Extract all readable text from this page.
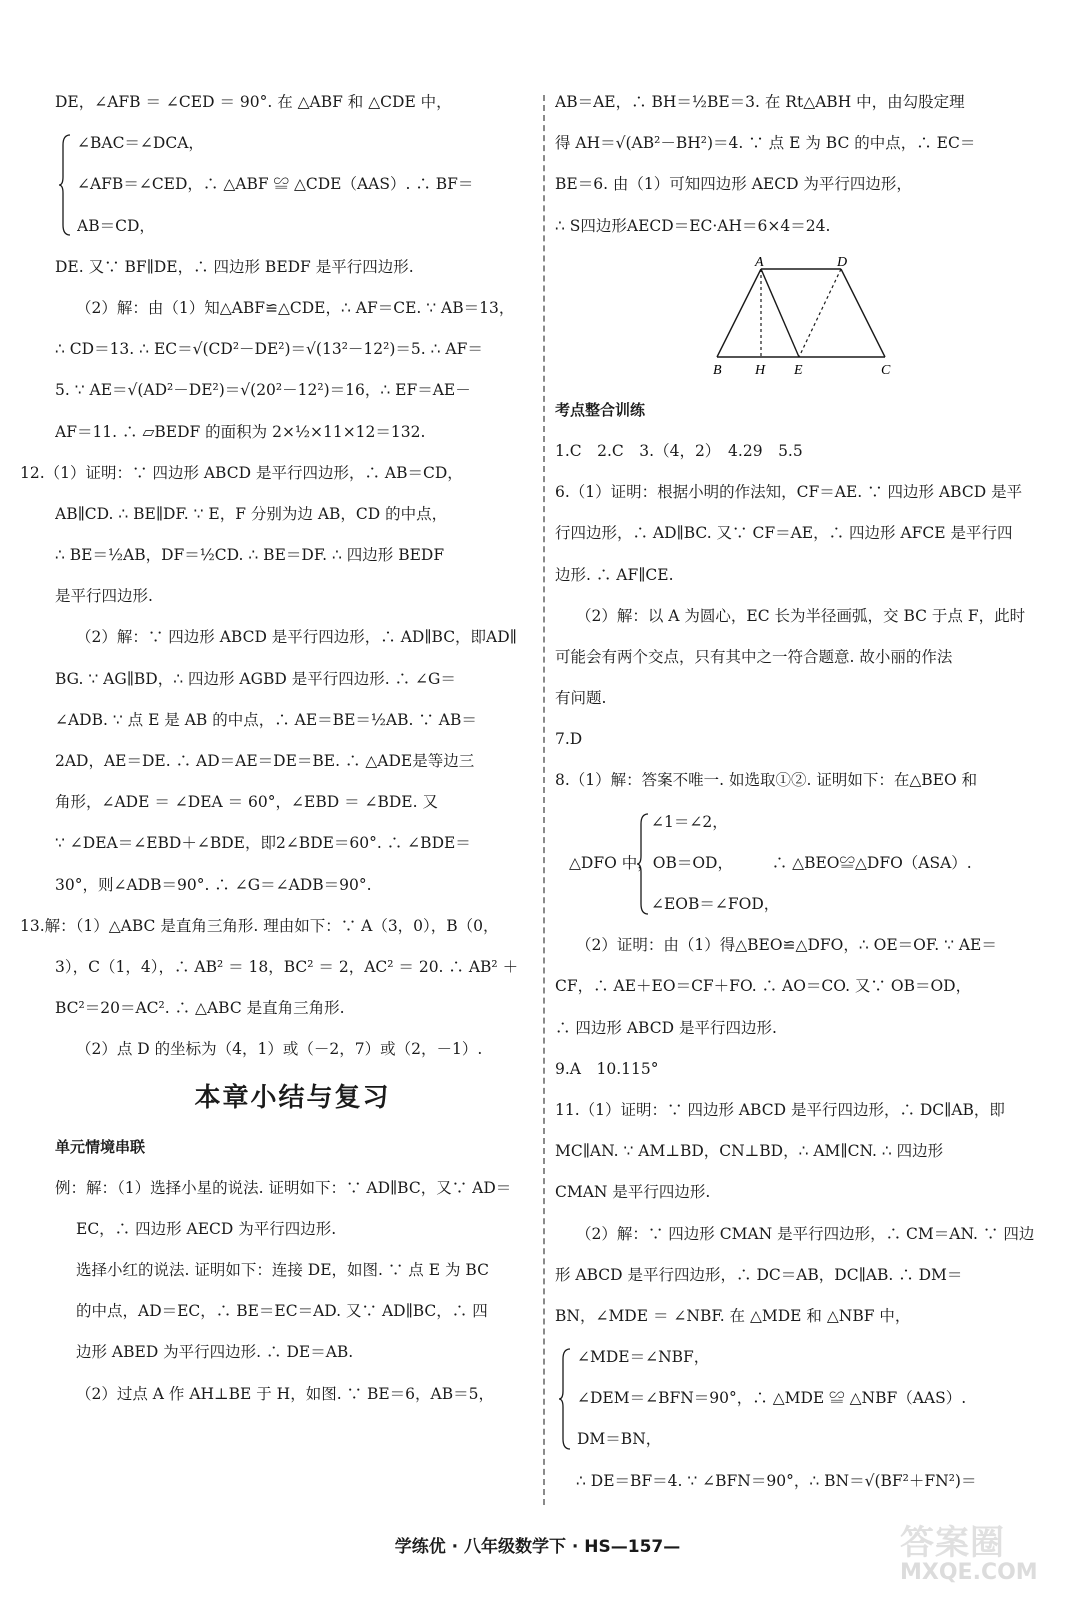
DE，∠AFB ＝ ∠CED ＝ 90°. 在 △ABF 和 △CDE 中，
∠BAC＝∠DCA，
∠AFB＝∠CED，∴ △ABF ≌ △CDE（AAS）. ∴ BF＝
AB＝CD，
DE. 又∵ BF∥DE，∴ 四边形 BEDF 是平行四边形.
（2）解：由（1）知△ABF≌△CDE，∴ AF＝CE. ∵ AB＝13，
∴ CD＝13. ∴ EC＝√(CD²－DE²)＝√(13²－12²)＝5. ∴ AF＝
5. ∵ AE＝√(AD²－DE²)＝√(20²－12²)＝16，∴ EF＝AE－
AF＝11. ∴ ▱BEDF 的面积为 2×½×11×12＝132.
12.（1）证明：∵ 四边形 ABCD 是平行四边形，∴ AB＝CD，
AB∥CD. ∴ BE∥DF. ∵ E，F 分别为边 AB，CD 的中点，
∴ BE＝½AB，DF＝½CD. ∴ BE＝DF. ∴ 四边形 BEDF
是平行四边形.
（2）解：∵ 四边形 ABCD 是平行四边形，∴ AD∥BC，即AD∥
BG. ∵ AG∥BD，∴ 四边形 AGBD 是平行四边形. ∴ ∠G＝
∠ADB. ∵ 点 E 是 AB 的中点，∴ AE＝BE＝½AB. ∵ AB＝
2AD，AE＝DE. ∴ AD＝AE＝DE＝BE. ∴ △ADE是等边三
角形，∠ADE ＝ ∠DEA ＝ 60°，∠EBD ＝ ∠BDE. 又
∵ ∠DEA＝∠EBD＋∠BDE，即2∠BDE＝60°. ∴ ∠BDE＝
30°，则∠ADB＝90°. ∴ ∠G＝∠ADB＝90°.
13.解：（1）△ABC 是直角三角形. 理由如下：∵ A（3，0），B（0，
3），C（1，4），∴ AB² ＝ 18，BC² ＝ 2，AC² ＝ 20. ∴ AB² ＋
BC²＝20＝AC². ∴ △ABC 是直角三角形.
（2）点 D 的坐标为（4，1）或（－2，7）或（2，－1）.
本章小结与复习
单元情境串联
例：解：（1）选择小星的说法. 证明如下：∵ AD∥BC，又∵ AD＝
EC，∴ 四边形 AECD 为平行四边形.
选择小红的说法. 证明如下：连接 DE，如图. ∵ 点 E 为 BC
的中点，AD＝EC，∴ BE＝EC＝AD. 又∵ AD∥BC，∴ 四
边形 ABED 为平行四边形. ∴ DE＝AB.
（2）过点 A 作 AH⊥BE 于 H，如图. ∵ BE＝6，AB＝5，
AB＝AE，∴ BH＝½BE＝3. 在 Rt△ABH 中，由勾股定理
得 AH＝√(AB²－BH²)＝4. ∵ 点 E 为 BC 的中点，∴ EC＝
BE＝6. 由（1）可知四边形 AECD 为平行四边形，
∴ S四边形AECD＝EC·AH＝6×4＝24.
A	D
B H E	C
考点整合训练
1.C　2.C　3.（4，2）　4.29　5.5
6.（1）证明：根据小明的作法知，CF＝AE. ∵ 四边形 ABCD 是平
行四边形，∴ AD∥BC. 又∵ CF＝AE，∴ 四边形 AFCE 是平行四
边形. ∴ AF∥CE.
（2）解：以 A 为圆心，EC 长为半径画弧，交 BC 于点 F，此时
可能会有两个交点，只有其中之一符合题意. 故小丽的作法
有问题.
7.D
8.（1）解：答案不唯一. 如选取①②. 证明如下：在△BEO 和
∠1＝∠2，
△DFO 中，OB＝OD，　　　∴ △BEO≌△DFO（ASA）.
∠EOB＝∠FOD，
（2）证明：由（1）得△BEO≌△DFO，∴ OE＝OF. ∵ AE＝
CF，∴ AE＋EO＝CF＋FO. ∴ AO＝CO. 又∵ OB＝OD，
∴ 四边形 ABCD 是平行四边形.
9.A　10.115°
11.（1）证明：∵ 四边形 ABCD 是平行四边形，∴ DC∥AB，即
MC∥AN. ∵ AM⊥BD，CN⊥BD，∴ AM∥CN. ∴ 四边形
CMAN 是平行四边形.
（2）解：∵ 四边形 CMAN 是平行四边形，∴ CM＝AN. ∵ 四边
形 ABCD 是平行四边形，∴ DC＝AB，DC∥AB. ∴ DM＝
BN，∠MDE ＝ ∠NBF. 在 △MDE 和 △NBF 中，
∠MDE＝∠NBF，
∠DEM＝∠BFN＝90°，∴ △MDE ≌ △NBF（AAS）.
DM＝BN，
∴ DE＝BF＝4. ∵ ∠BFN＝90°，∴ BN＝√(BF²＋FN²)＝
学练优 · 八年级数学下 · HS—157—	答案圈
MXQE.COM
